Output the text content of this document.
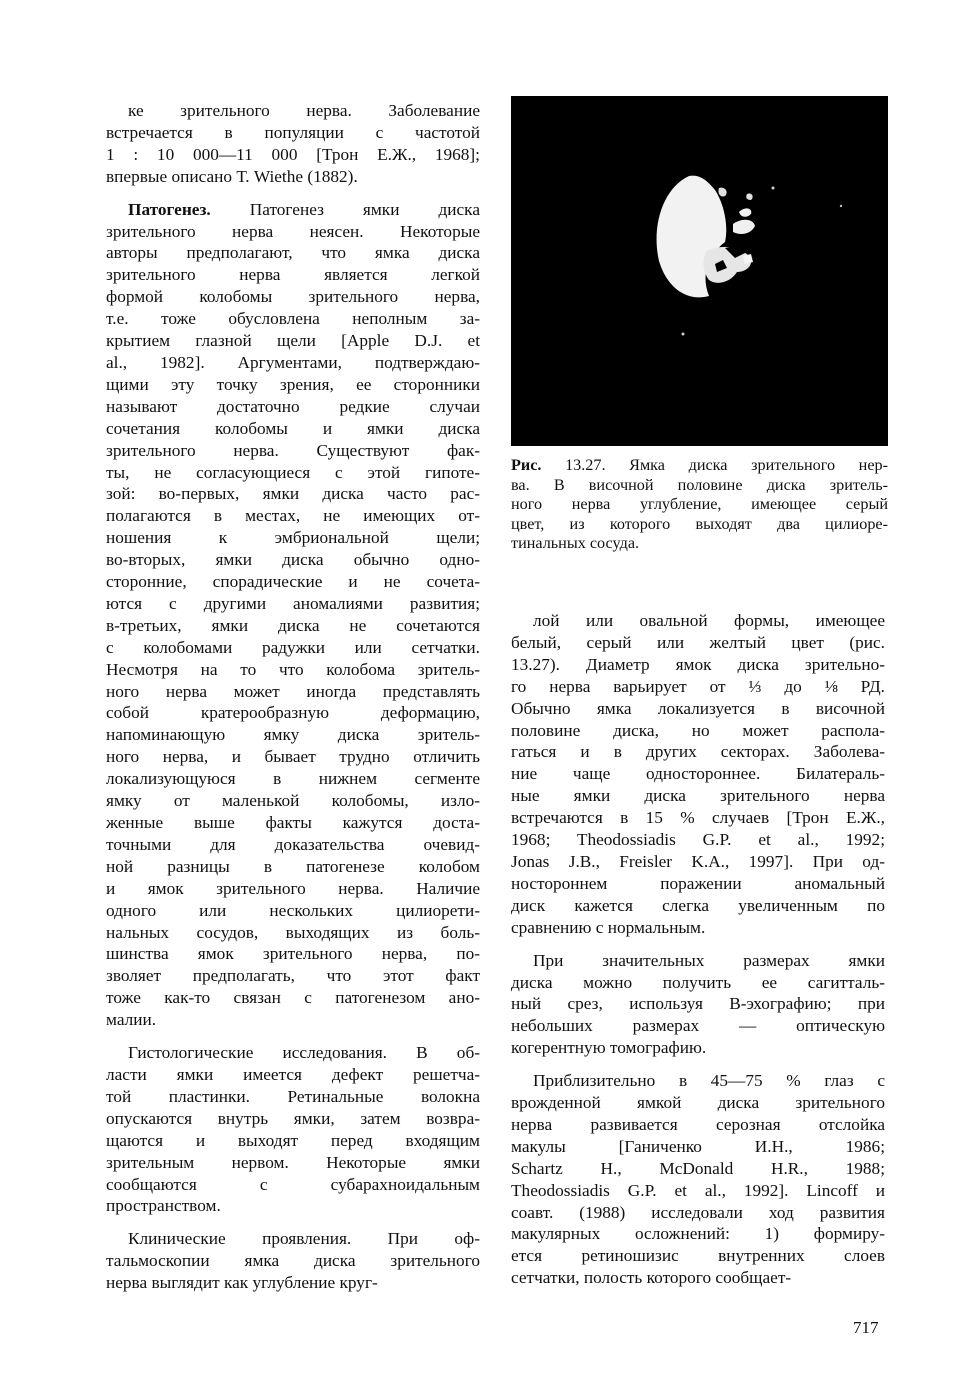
ке зрительного нерва. Заболевание
встречается в популяции с частотой
1 : 10 000—11 000 [Трон Е.Ж., 1968];
впервые описано Т. Wiethe (1882).

Патогенез. Патогенез ямки диска
зрительного нерва неясен. Некоторые
авторы предполагают, что ямка диска
зрительного нерва является легкой
формой колобомы зрительного нерва,
т.е. тоже обусловлена неполным за-
крытием глазной щели [Apple D.J. et
al., 1982]. Аргументами, подтверждаю-
щими эту точку зрения, ее сторонники
называют достаточно редкие случаи
сочетания колобомы и ямки диска
зрительного нерва. Существуют фак-
ты, не согласующиеся с этой гипоте-
зой: во-первых, ямки диска часто рас-
полагаются в местах, не имеющих от-
ношения к эмбриональной щели;
во-вторых, ямки диска обычно одно-
сторонние, спорадические и не сочета-
ются с другими аномалиями развития;
в-третьих, ямки диска не сочетаются
с колобомами радужки или сетчатки.
Несмотря на то что колобома зритель-
ного нерва может иногда представлять
собой кратерообразную деформацию,
напоминающую ямку диска зритель-
ного нерва, и бывает трудно отличить
локализующуюся в нижнем сегменте
ямку от маленькой колобомы, изло-
женные выше факты кажутся доста-
точными для доказательства очевид-
ной разницы в патогенезе колобом
и ямок зрительного нерва. Наличие
одного или нескольких цилиорети-
нальных сосудов, выходящих из боль-
шинства ямок зрительного нерва, по-
зволяет предполагать, что этот факт
тоже как-то связан с патогенезом ано-
малии.

Гистологические исследования. В об-
ласти ямки имеется дефект решетча-
той пластинки. Ретинальные волокна
опускаются внутрь ямки, затем возвра-
щаются и выходят перед входящим
зрительным нервом. Некоторые ямки
сообщаются с субарахноидальным
пространством.

Клинические проявления. При оф-
тальмоскопии ямка диска зрительного
нерва выглядит как углубление круг-

Рис. 13.27. Ямка диска зрительного нер-
ва. В височной половине диска зритель-
ного нерва углубление, имеющее серый
цвет, из которого выходят два цилиоре-
тинальных сосуда.

лой или овальной формы, имеющее
белый, серый или желтый цвет (рис.
13.27). Диаметр ямок диска зрительно-
го нерва варьирует от ⅓ до ⅛ РД.
Обычно ямка локализуется в височной
половине диска, но может распола-
гаться и в других секторах. Заболева-
ние чаще одностороннее. Билатераль-
ные ямки диска зрительного нерва
встречаются в 15 % случаев [Трон Е.Ж.,
1968; Theodossiadis G.P. et al., 1992;
Jonas J.B., Freisler K.A., 1997]. При од-
ностороннем поражении аномальный
диск кажется слегка увеличенным по
сравнению с нормальным.

При значительных размерах ямки
диска можно получить ее сагитталь-
ный срез, используя В-эхографию; при
небольших размерах — оптическую
когерентную томографию.

Приблизительно в 45—75 % глаз с
врожденной ямкой диска зрительного
нерва развивается серозная отслойка
макулы [Ганиченко И.Н., 1986;
Schartz H., McDonald H.R., 1988;
Theodossiadis G.P. et al., 1992]. Lincoff и
соавт. (1988) исследовали ход развития
макулярных осложнений: 1) формиру-
ется ретиношизис внутренних слоев
сетчатки, полость которого сообщает-

717
